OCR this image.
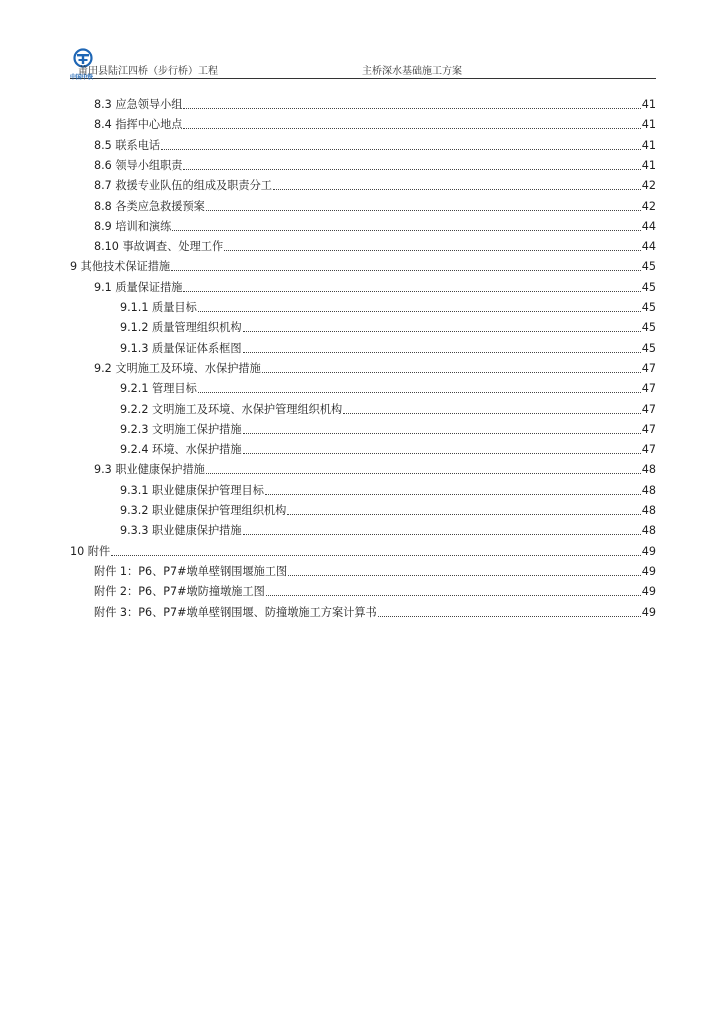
中国中铁
莆田县陆江四桥（步行桥）工程	主桥深水基础施工方案
8.3 应急领导小组	41
8.4 指挥中心地点	41
8.5 联系电话	41
8.6 领导小组职责	41
8.7 救援专业队伍的组成及职责分工	42
8.8 各类应急救援预案	42
8.9 培训和演练	44
8.10 事故调查、处理工作	44
9 其他技术保证措施	45
9.1 质量保证措施	45
9.1.1 质量目标	45
9.1.2 质量管理组织机构	45
9.1.3 质量保证体系框图	45
9.2 文明施工及环境、水保护措施	47
9.2.1 管理目标	47
9.2.2 文明施工及环境、水保护管理组织机构	47
9.2.3 文明施工保护措施	47
9.2.4 环境、水保护措施	47
9.3 职业健康保护措施	48
9.3.1 职业健康保护管理目标	48
9.3.2 职业健康保护管理组织机构	48
9.3.3 职业健康保护措施	48
10 附件	49
附件 1：P6、P7#墩单壁钢围堰施工图	49
附件 2：P6、P7#墩防撞墩施工图	49
附件 3：P6、P7#墩单壁钢围堰、防撞墩施工方案计算书	49
